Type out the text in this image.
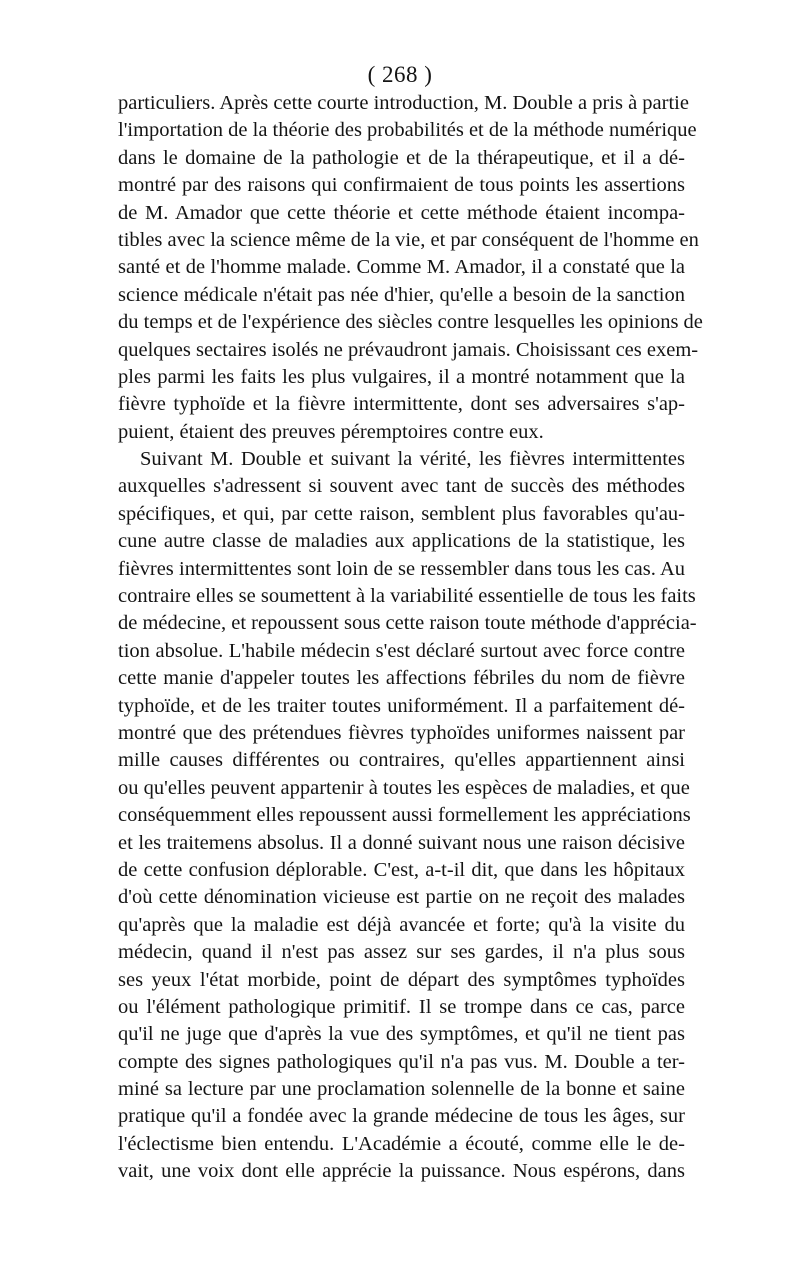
( 268 )
particuliers. Après cette courte introduction, M. Double a pris à partie
l'importation de la théorie des probabilités et de la méthode numérique
dans le domaine de la pathologie et de la thérapeutique, et il a dé-
montré par des raisons qui confirmaient de tous points les assertions
de M. Amador que cette théorie et cette méthode étaient incompa-
tibles avec la science même de la vie, et par conséquent de l'homme en
santé et de l'homme malade. Comme M. Amador, il a constaté que la
science médicale n'était pas née d'hier, qu'elle a besoin de la sanction
du temps et de l'expérience des siècles contre lesquelles les opinions de
quelques sectaires isolés ne prévaudront jamais. Choisissant ces exem-
ples parmi les faits les plus vulgaires, il a montré notamment que la
fièvre typhoïde et la fièvre intermittente, dont ses adversaires s'ap-
puient, étaient des preuves péremptoires contre eux.
Suivant M. Double et suivant la vérité, les fièvres intermittentes
auxquelles s'adressent si souvent avec tant de succès des méthodes
spécifiques, et qui, par cette raison, semblent plus favorables qu'au-
cune autre classe de maladies aux applications de la statistique, les
fièvres intermittentes sont loin de se ressembler dans tous les cas. Au
contraire elles se soumettent à la variabilité essentielle de tous les faits
de médecine, et repoussent sous cette raison toute méthode d'apprécia-
tion absolue. L'habile médecin s'est déclaré surtout avec force contre
cette manie d'appeler toutes les affections fébriles du nom de fièvre
typhoïde, et de les traiter toutes uniformément. Il a parfaitement dé-
montré que des prétendues fièvres typhoïdes uniformes naissent par
mille causes différentes ou contraires, qu'elles appartiennent ainsi
ou qu'elles peuvent appartenir à toutes les espèces de maladies, et que
conséquemment elles repoussent aussi formellement les appréciations
et les traitemens absolus. Il a donné suivant nous une raison décisive
de cette confusion déplorable. C'est, a-t-il dit, que dans les hôpitaux
d'où cette dénomination vicieuse est partie on ne reçoit des malades
qu'après que la maladie est déjà avancée et forte; qu'à la visite du
médecin, quand il n'est pas assez sur ses gardes, il n'a plus sous
ses yeux l'état morbide, point de départ des symptômes typhoïdes
ou l'élément pathologique primitif. Il se trompe dans ce cas, parce
qu'il ne juge que d'après la vue des symptômes, et qu'il ne tient pas
compte des signes pathologiques qu'il n'a pas vus. M. Double a ter-
miné sa lecture par une proclamation solennelle de la bonne et saine
pratique qu'il a fondée avec la grande médecine de tous les âges, sur
l'éclectisme bien entendu. L'Académie a écouté, comme elle le de-
vait, une voix dont elle apprécie la puissance. Nous espérons, dans
